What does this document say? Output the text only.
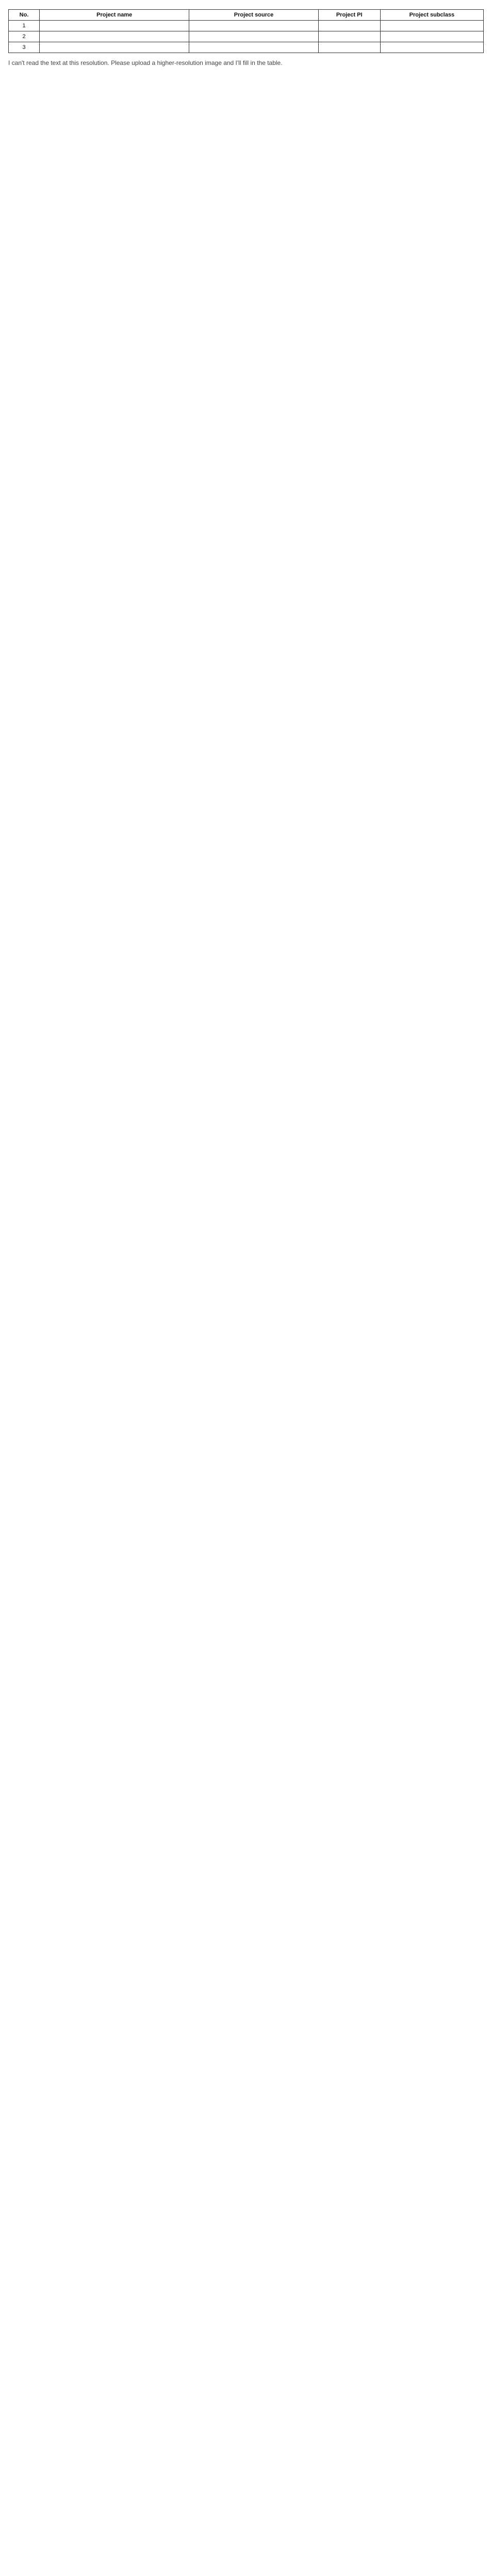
No.	Project name	Project source	Project PI	Project subclass
1				
2				
3				
I can't read the text at this resolution. Please upload a higher-resolution image and I'll fill in the table.
